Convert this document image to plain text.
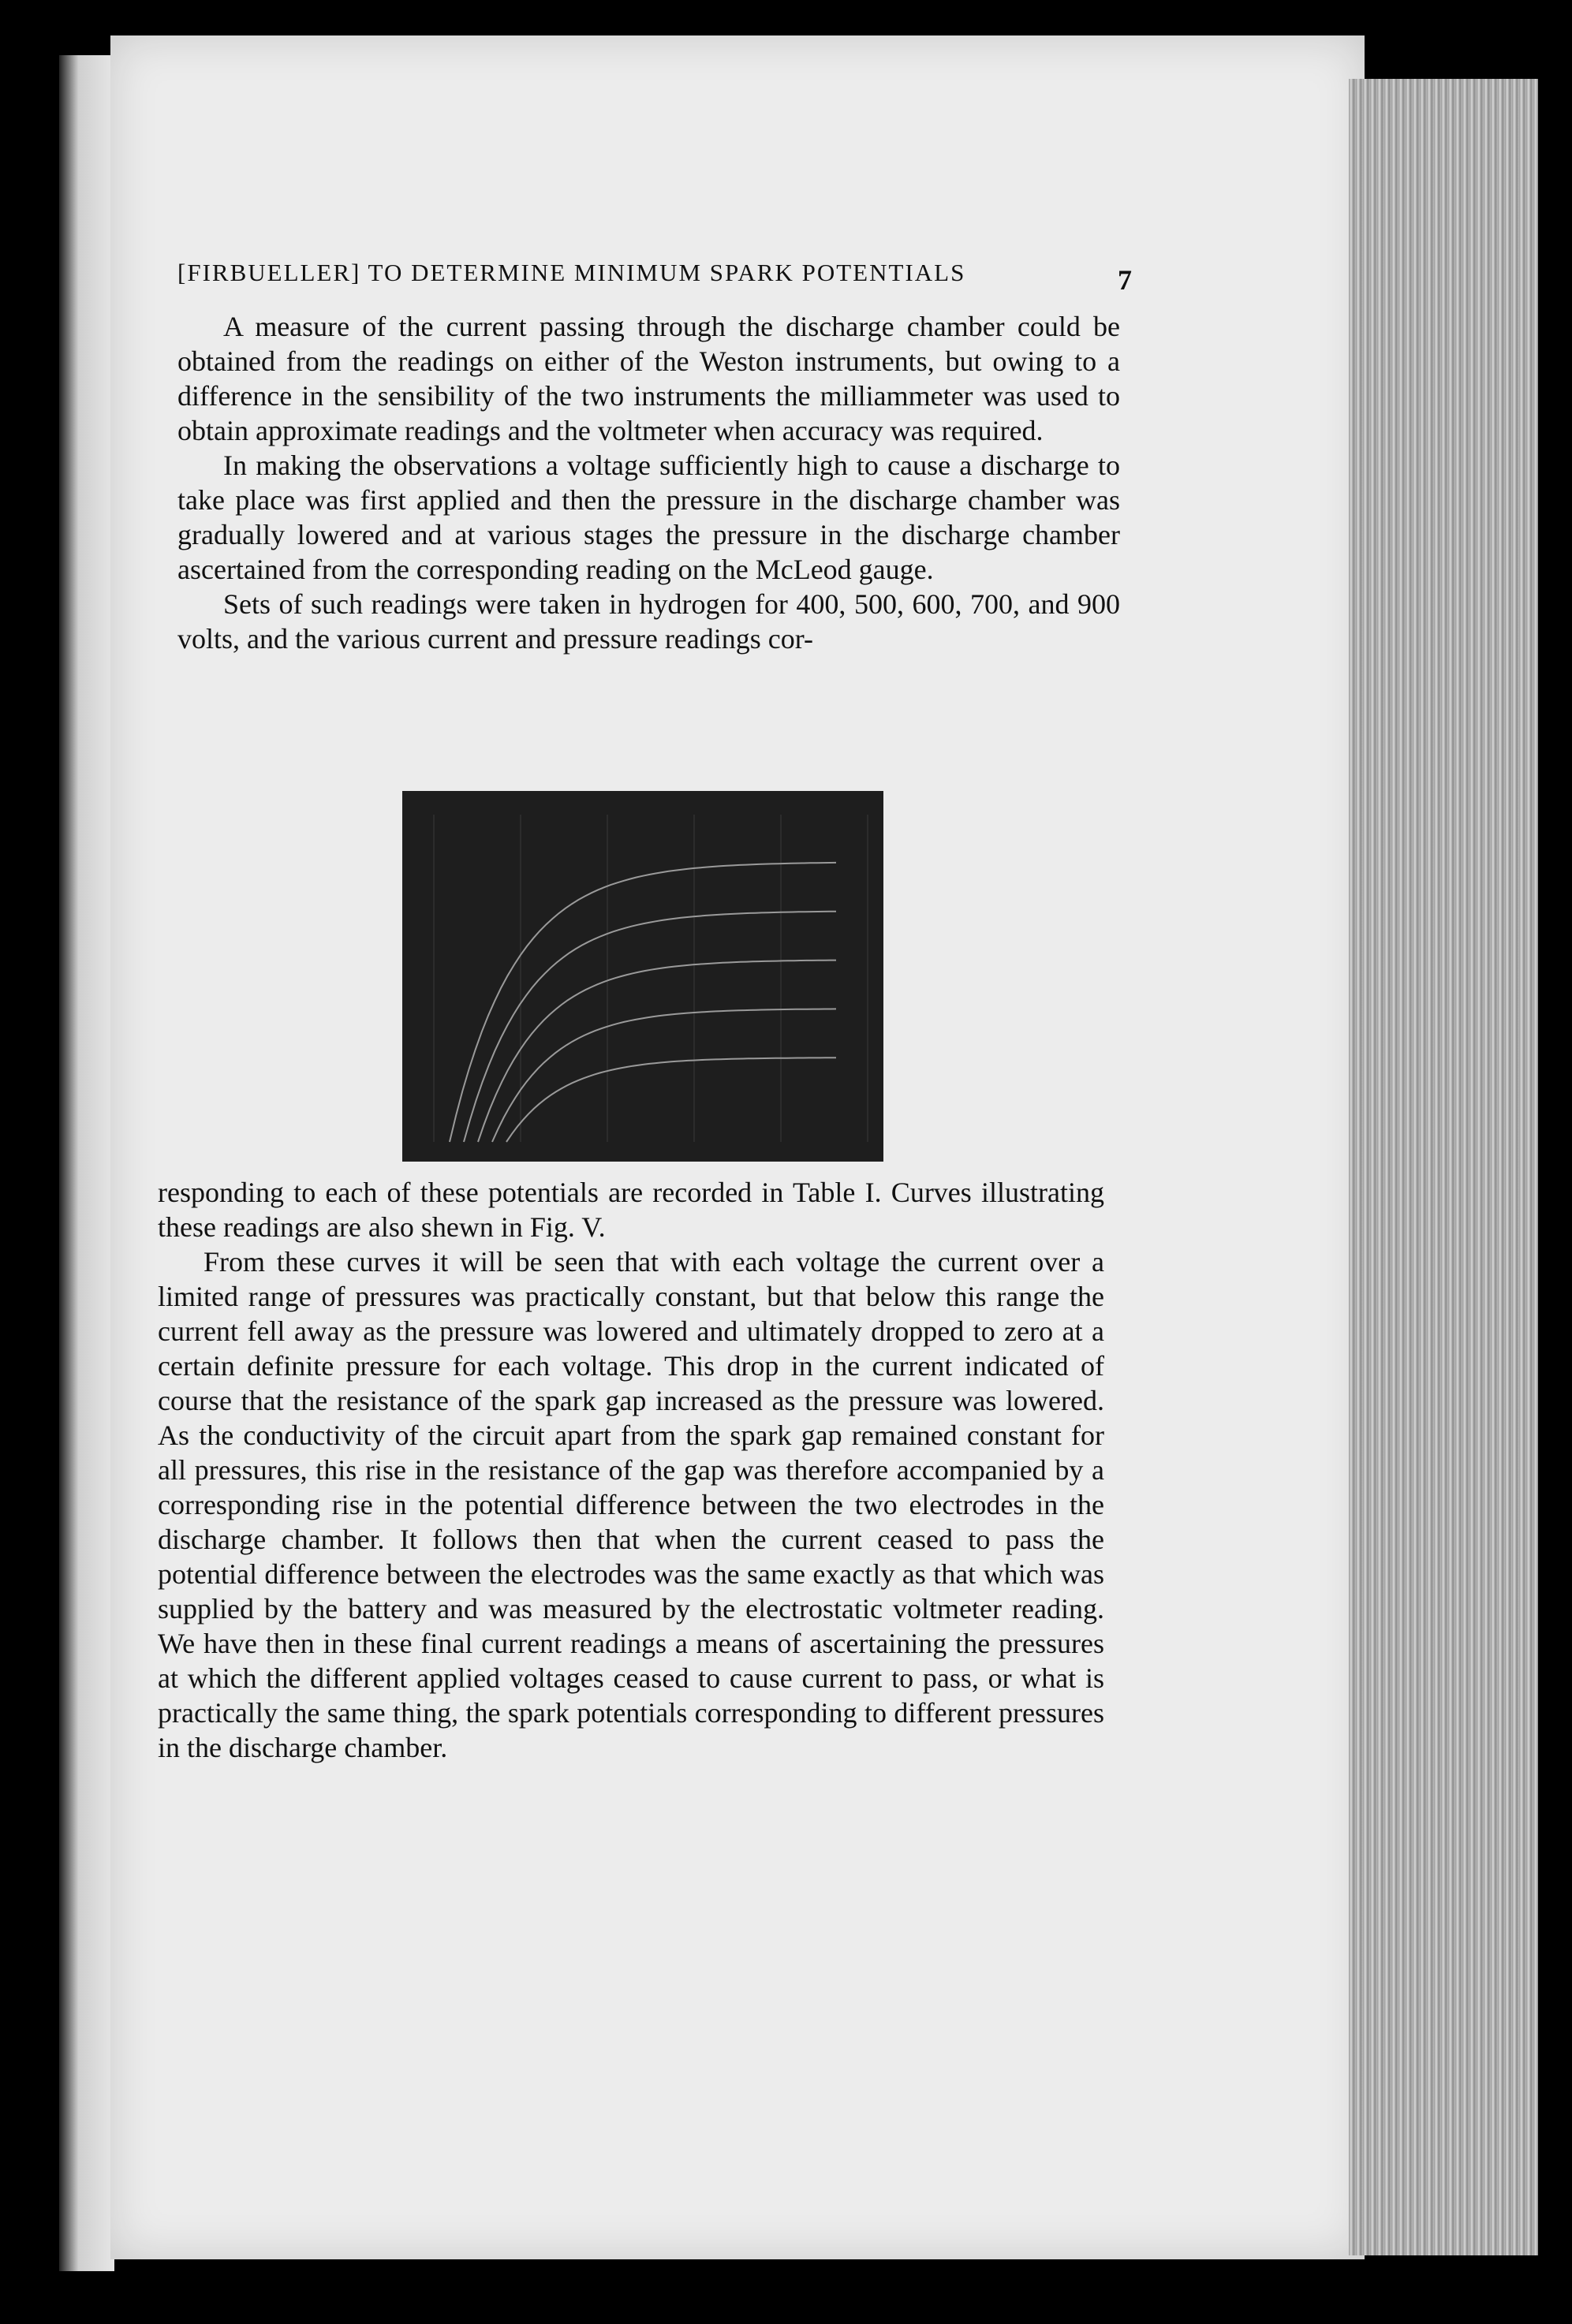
[FIRBUELLER] TO DETERMINE MINIMUM SPARK POTENTIALS	7

A measure of the current passing through the discharge chamber could be obtained from the readings on either of the Weston instruments, but owing to a difference in the sensibility of the two instruments the milliammeter was used to obtain approximate readings and the voltmeter when accuracy was required.

In making the observations a voltage sufficiently high to cause a discharge to take place was first applied and then the pressure in the discharge chamber was gradually lowered and at various stages the pressure in the discharge chamber ascertained from the corresponding reading on the McLeod gauge.

Sets of such readings were taken in hydrogen for 400, 500, 600, 700, and 900 volts, and the various current and pressure readings cor-

responding to each of these potentials are recorded in Table I. Curves illustrating these readings are also shewn in Fig. V.

From these curves it will be seen that with each voltage the current over a limited range of pressures was practically constant, but that below this range the current fell away as the pressure was lowered and ultimately dropped to zero at a certain definite pressure for each voltage. This drop in the current indicated of course that the resistance of the spark gap increased as the pressure was lowered. As the conductivity of the circuit apart from the spark gap remained constant for all pressures, this rise in the resistance of the gap was therefore accompanied by a corresponding rise in the potential difference between the two electrodes in the discharge chamber. It follows then that when the current ceased to pass the potential difference between the electrodes was the same exactly as that which was supplied by the battery and was measured by the electrostatic voltmeter reading. We have then in these final current readings a means of ascertaining the pressures at which the different applied voltages ceased to cause current to pass, or what is practically the same thing, the spark potentials corresponding to different pressures in the discharge chamber.
